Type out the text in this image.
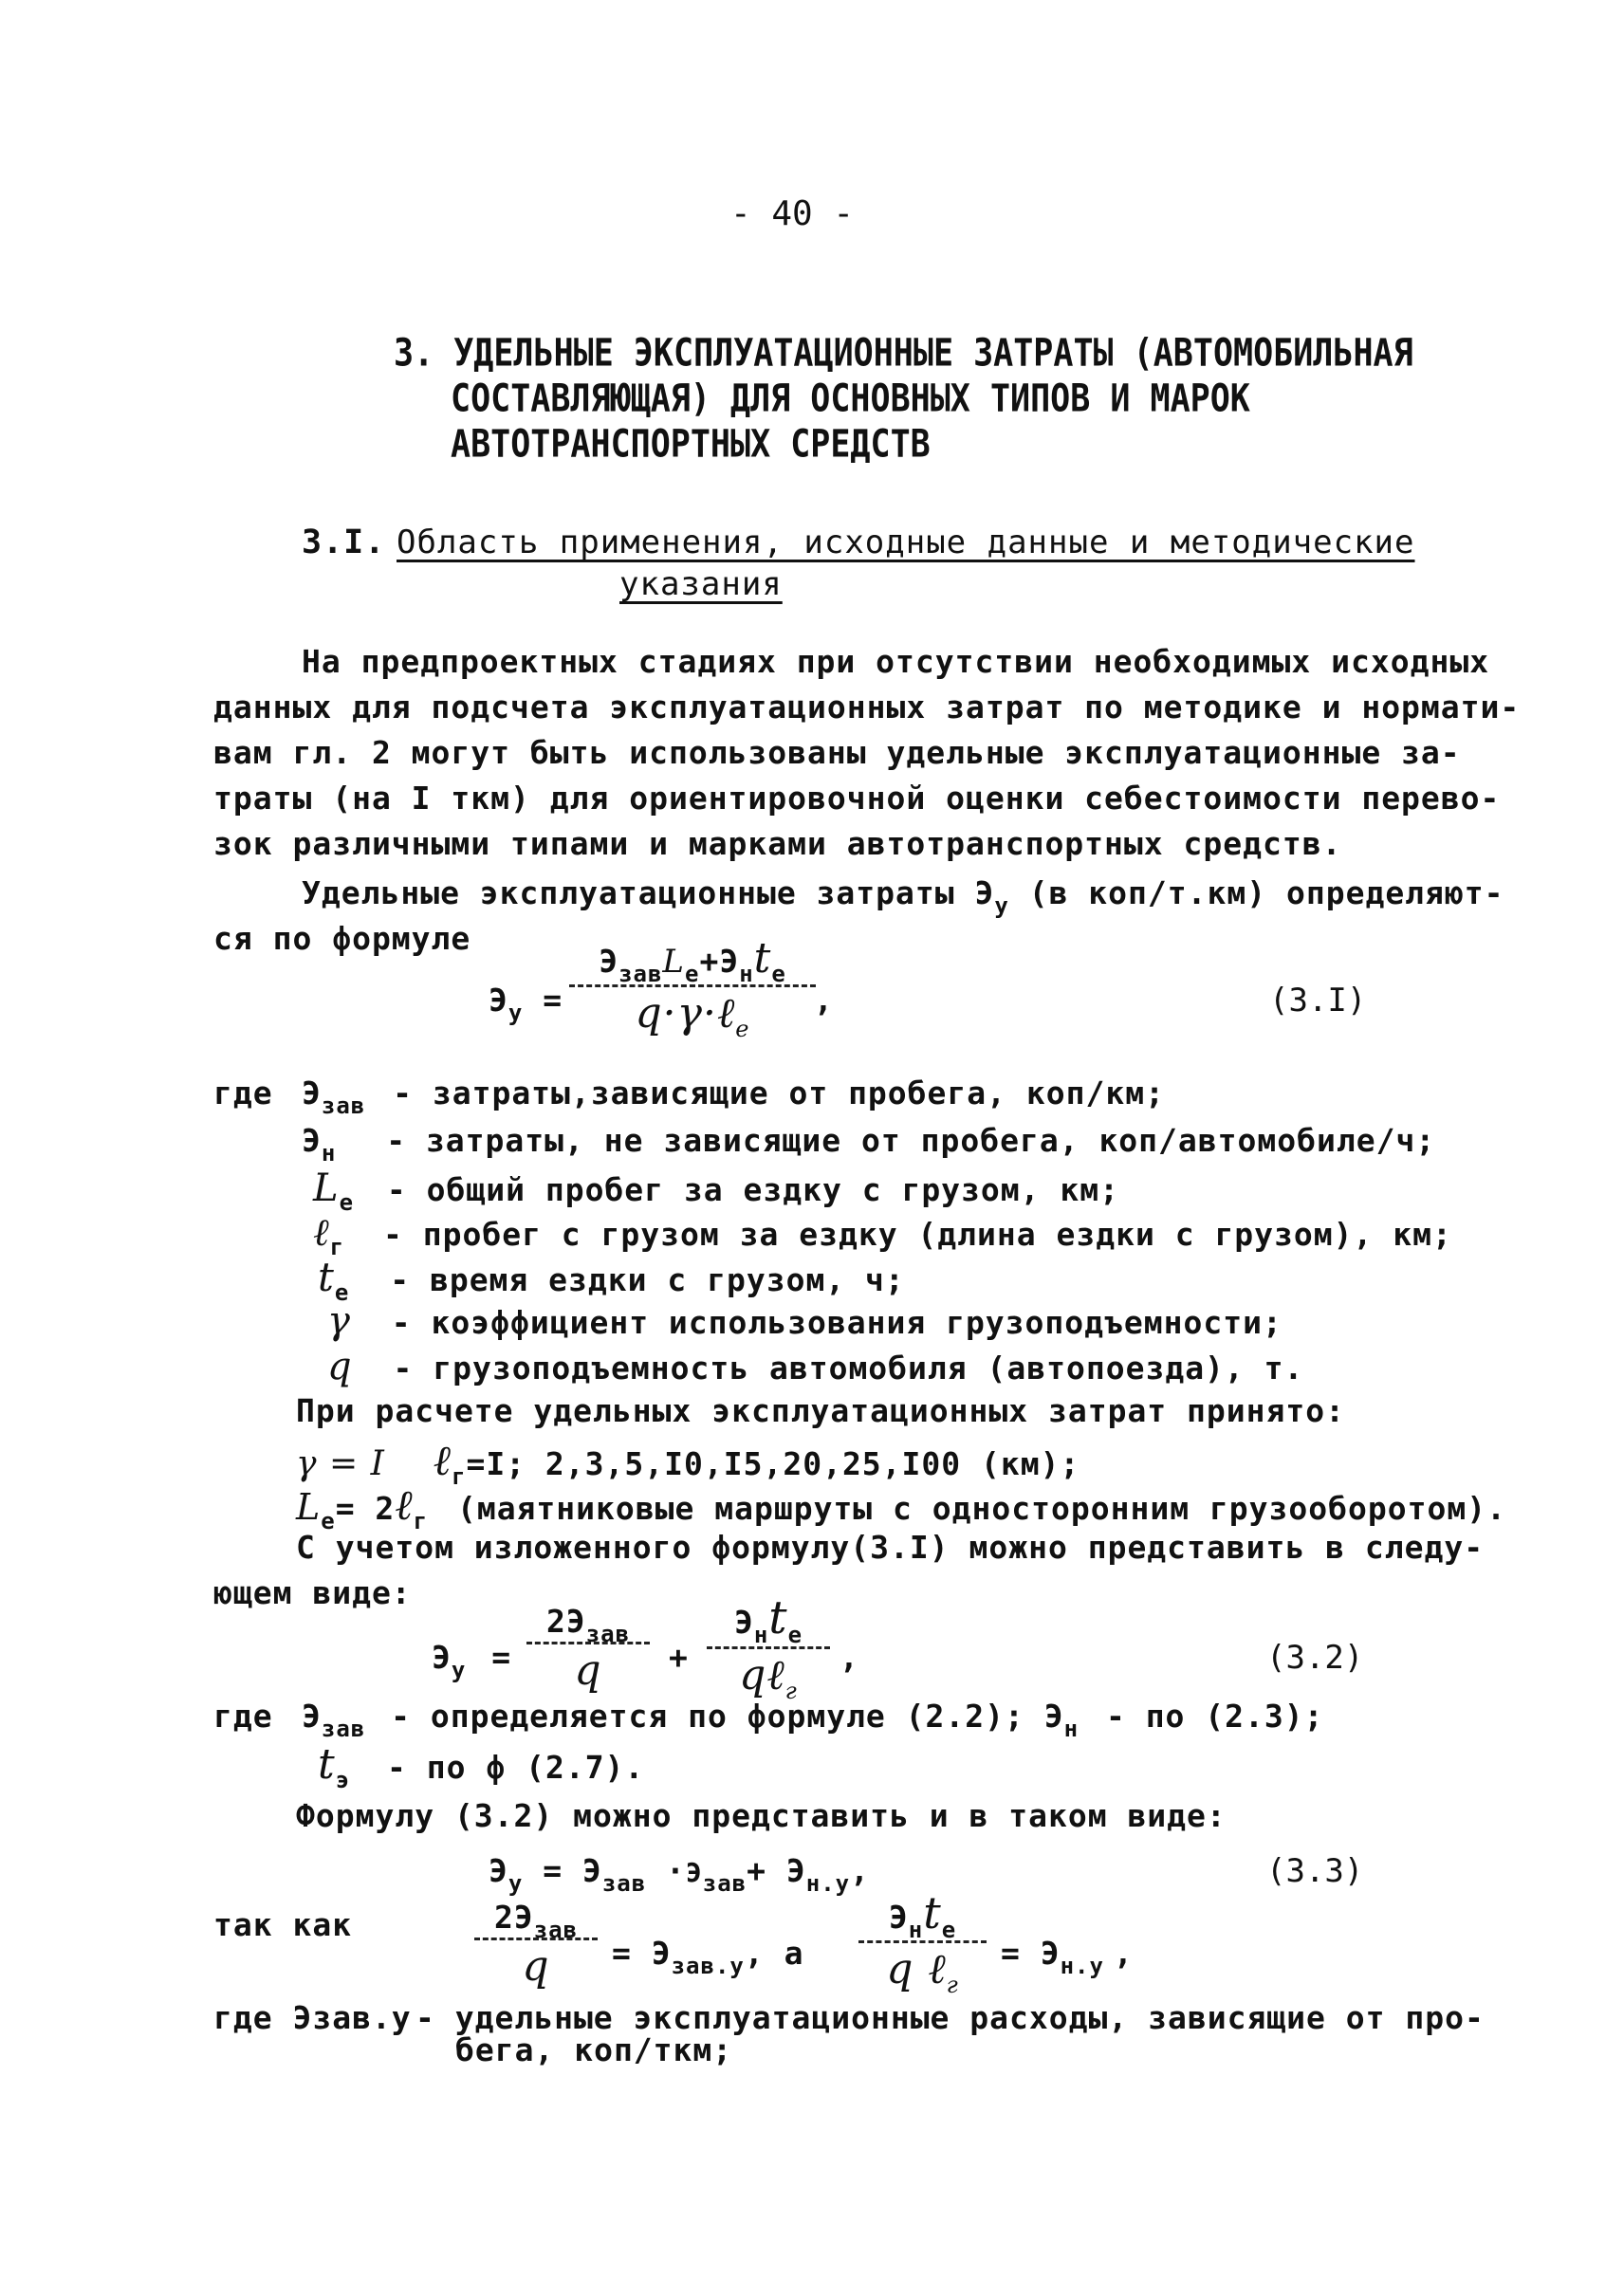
- 40 -
3. УДЕЛЬНЫЕ ЭКСПЛУАТАЦИОННЫЕ ЗАТРАТЫ (АВТОМОБИЛЬНАЯ
СОСТАВЛЯЮЩАЯ) ДЛЯ ОСНОВНЫХ ТИПОВ И МАРОК
АВТОТРАНСПОРТНЫХ СРЕДСТВ
3.I. Область применения, исходные данные и методические
указания
На предпроектных стадиях при отсутствии необходимых исходных
данных для подсчета эксплуатационных затрат по методике и нормати-
вам гл. 2 могут быть использованы удельные эксплуатационные за-
траты (на I ткм) для ориентировочной оценки себестоимости перево-
зок различными типами и марками автотранспортных средств.
Удельные эксплуатационные затраты $Э_у$ (в коп/т.км) определяют-
ся по формуле
$Э_у$ =
$Э_{зав}L_е+Э_нt_е$
q·γ·ℓ$_е$
,	(3.I)
где $Э_{зав}$ - затраты,зависящие от пробега, коп/км;
$Э_н$ - затраты, не зависящие от пробега, коп/автомобиле/ч;
$L_е$ - общий пробег за ездку с грузом, км;
ℓ$_г$ - пробег с грузом за ездку (длина ездки с грузом), км;
$t_е$ - время ездки с грузом, ч;
γ - коэффициент использования грузоподъемности;
q - грузоподъемность автомобиля (автопоезда), т.
При расчете удельных эксплуатационных затрат принято:
γ = I ℓ$_г$=I; 2,3,5,I0,I5,20,25,I00 (км);
$L_е=$ 2ℓ$_г$ (маятниковые маршруты с односторонним грузооборотом).
С учетом изложенного формулу(3.I) можно представить в следу-
ющем виде:
$Э_у$ =
$2Э_{зав}$
q	+
$Э_нt_е$
qℓ$_г$
,	(3.2)
где $Э_{зав}$ - определяется по формуле (2.2); $Э_н$ - по (2.3);
$t_э$ - по ф (2.7).
Формулу (3.2) можно представить и в таком виде:
$Э_у = Э_{зав} \cdot Э_{зав}+ Э_{н.у}$,	(3.3)
так как	$2Э_{зав}$
q	= $Э_{зав.у}$, а
$Э_нt_е$
q ℓ$_г$
= $Э_{н.у}$ ,
где Эзав.у - удельные эксплуатационные расходы, зависящие от про-
бега, коп/ткм;
